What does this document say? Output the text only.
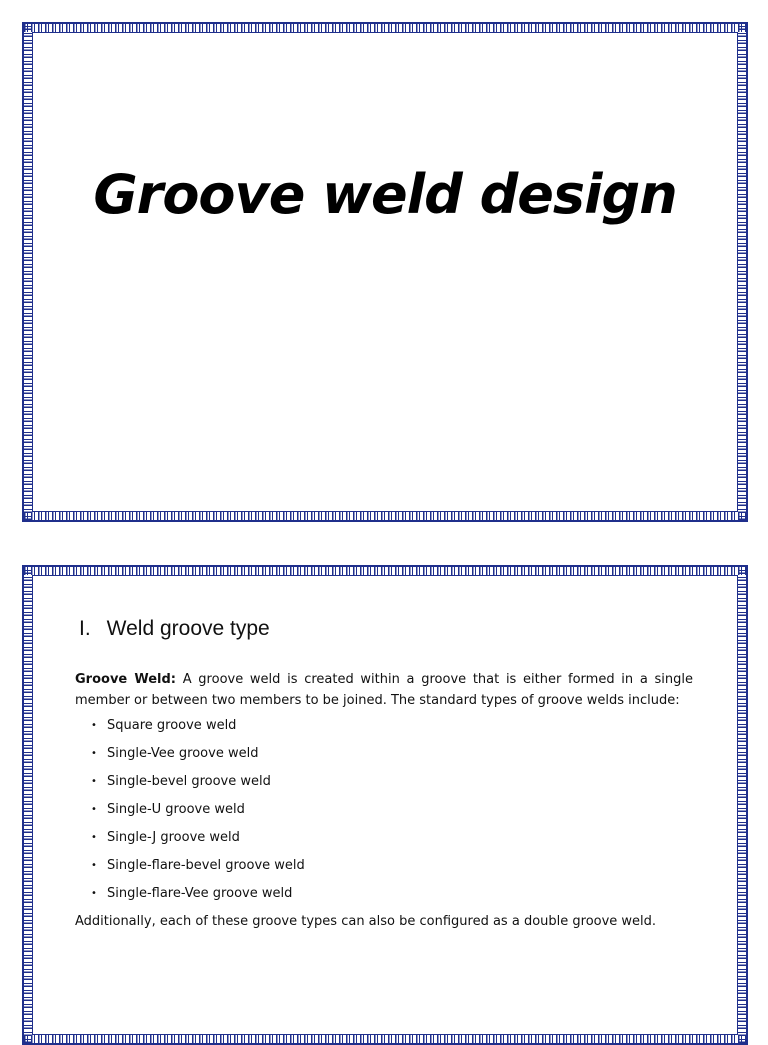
Groove weld design
I. Weld groove type

Groove Weld: A groove weld is created within a groove that is either formed in a single member or between two members to be joined. The standard types of groove welds include:

• Square groove weld
• Single-Vee groove weld
• Single-bevel groove weld
• Single-U groove weld
• Single-J groove weld
• Single-flare-bevel groove weld
• Single-flare-Vee groove weld

Additionally, each of these groove types can also be configured as a double groove weld.
